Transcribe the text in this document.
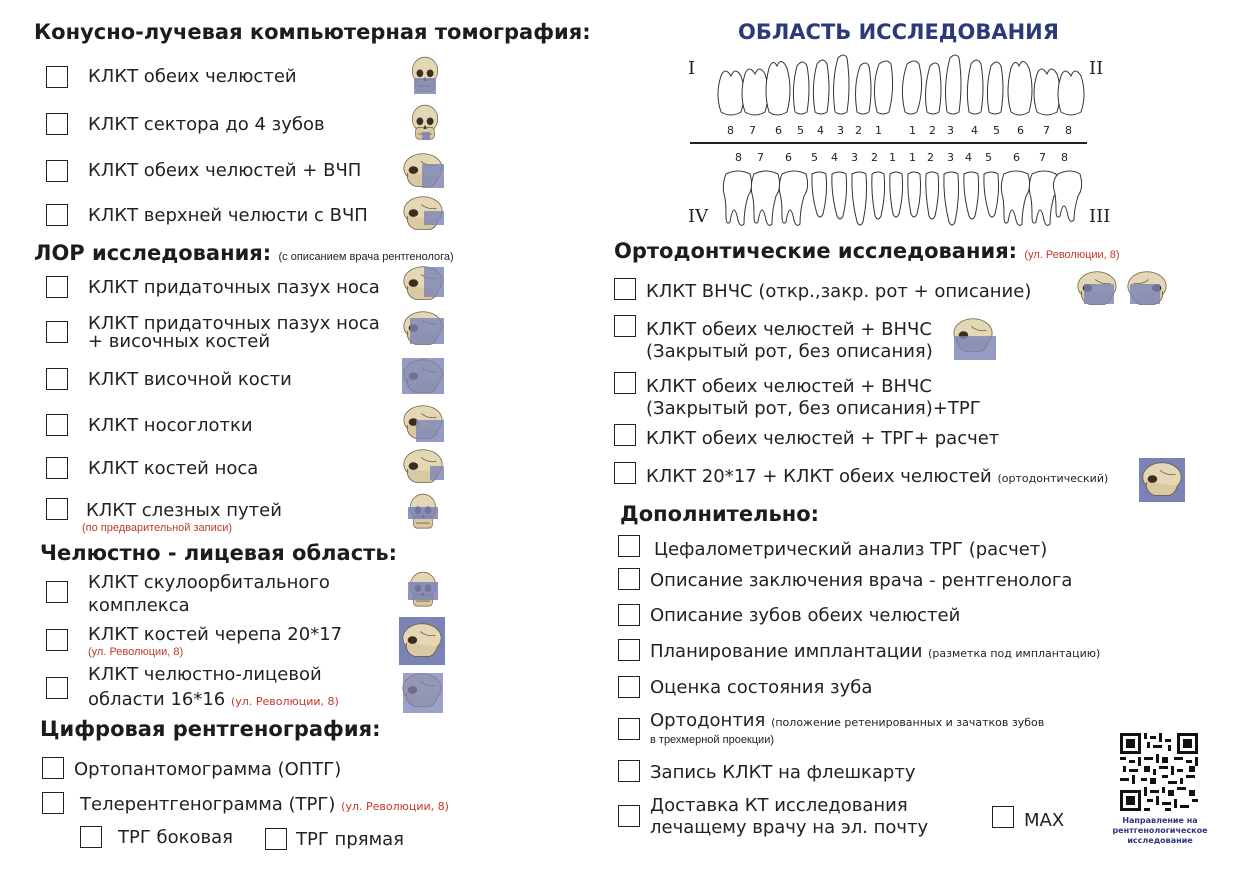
Конусно-лучевая компьютерная томография:
КЛКТ обеих челюстей
КЛКТ сектора до 4 зубов
КЛКТ обеих челюстей + ВЧП
КЛКТ верхней челюсти с ВЧП
ЛОР исследования: (с описанием врача рентгенолога)
КЛКТ придаточных пазух носа
КЛКТ придаточных пазух носа
+ височных костей
КЛКТ височной кости
КЛКТ носоглотки
КЛКТ костей носа
КЛКТ слезных путей
(по предварительной записи)
Челюстно - лицевая область:
КЛКТ скулоорбитального
комплекса
КЛКТ костей черепа 20*17
(ул. Революции, 8)
КЛКТ челюстно-лицевой
области 16*16 (ул. Революции, 8)
Цифровая рентгенография:
Ортопантомограмма (ОПТГ)
Телерентгенограмма (ТРГ) (ул. Революции, 8)
ТРГ боковая	ТРГ прямая
ОБЛАСТЬ ИССЛЕДОВАНИЯ
I	II
IV	III
8 7 6 5 4 3 2 1 1 2 3 4 5 6 7 8
8 7 6 5 4 3 2 1 1 2 3 4 5 6 7 8
Ортодонтические исследования: (ул. Революции, 8)
КЛКТ ВНЧС (откр.,закр. рот + описание)
КЛКТ обеих челюстей + ВНЧС
(Закрытый рот, без описания)
КЛКТ обеих челюстей + ВНЧС
(Закрытый рот, без описания)+ТРГ
КЛКТ обеих челюстей + ТРГ+ расчет
КЛКТ 20*17 + КЛКТ обеих челюстей (ортодонтический)
Дополнительно:
Цефалометрический анализ ТРГ (расчет)
Описание заключения врача - рентгенолога
Описание зубов обеих челюстей
Планирование имплантации (разметка под имплантацию)
Оценка состояния зуба
Ортодонтия (положение ретенированных и зачатков зубов
в трехмерной проекции)
Запись КЛКТ на флешкарту
Доставка КТ исследования
лечащему врачу на эл. почту	MAX	Направление на
рентгенологическое
исследование
